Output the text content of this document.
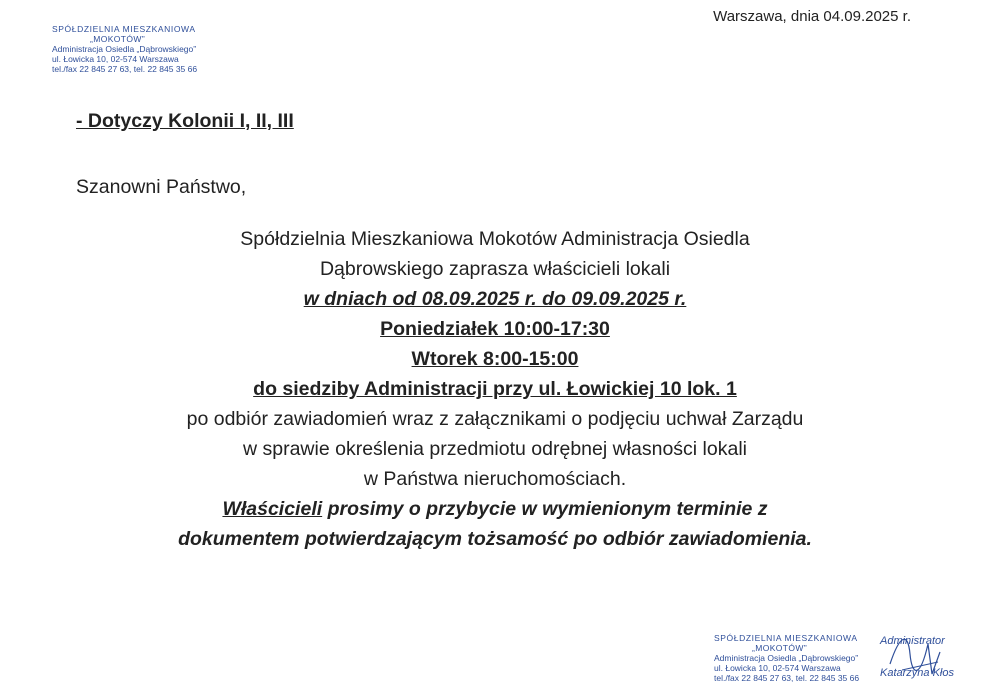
SPÓŁDZIELNIA MIESZKANIOWA
„MOKOTÓW”
Administracja Osiedla „Dąbrowskiego”
ul. Łowicka 10, 02-574 Warszawa
tel./fax 22 845 27 63, tel. 22 845 35 66
Warszawa, dnia 04.09.2025 r.
- Dotyczy Kolonii I, II, III
Szanowni Państwo,
Spółdzielnia Mieszkaniowa Mokotów Administracja Osiedla
Dąbrowskiego zaprasza właścicieli lokali
w dniach od 08.09.2025 r. do 09.09.2025 r.
Poniedziałek 10:00-17:30
Wtorek 8:00-15:00
do siedziby Administracji przy ul. Łowickiej 10 lok. 1
po odbiór zawiadomień wraz z załącznikami o podjęciu uchwał Zarządu
w sprawie określenia przedmiotu odrębnej własności lokali
w Państwa nieruchomościach.
Właścicieli prosimy o przybycie w wymienionym terminie z
dokumentem potwierdzającym tożsamość po odbiór zawiadomienia.
SPÓŁDZIELNIA MIESZKANIOWA
„MOKOTÓW”
Administracja Osiedla „Dąbrowskiego”
ul. Łowicka 10, 02-574 Warszawa
tel./fax 22 845 27 63, tel. 22 845 35 66
Administrator
Katarzyna Kłos
